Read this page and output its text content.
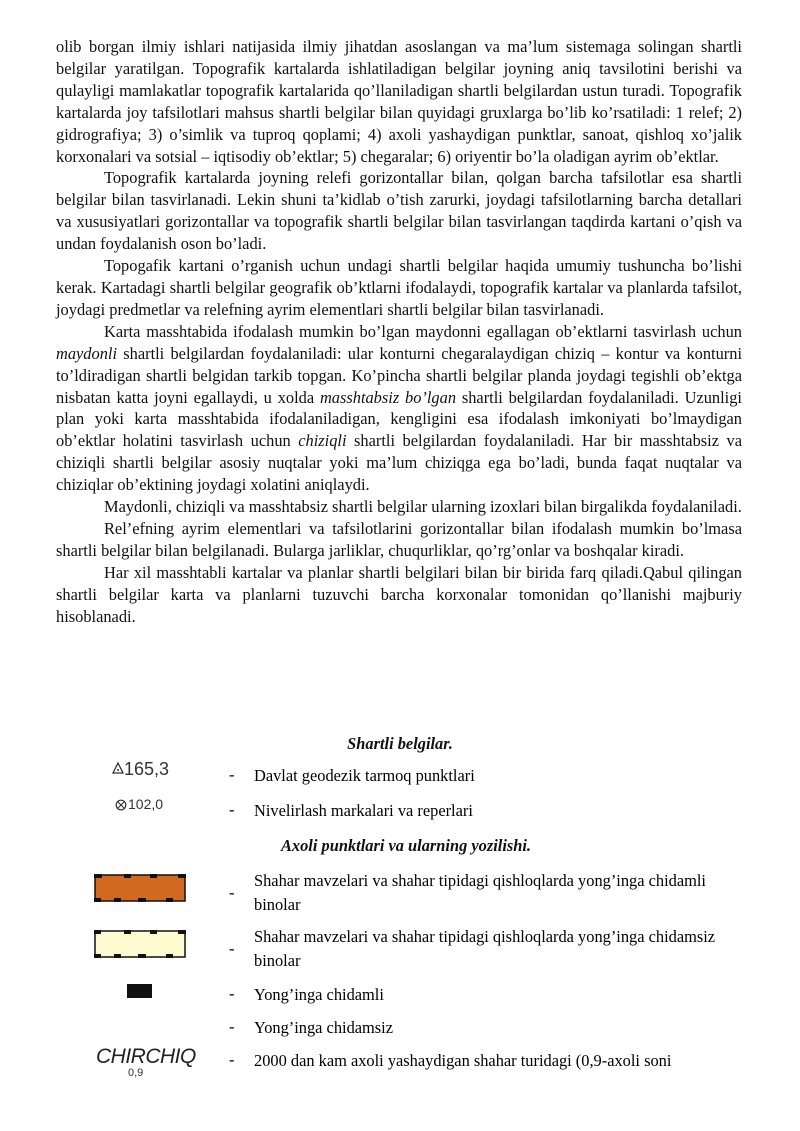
olib borgan ilmiy ishlari natijasida ilmiy jihatdan asoslangan va ma’lum sistemaga solingan shartli belgilar yaratilgan. Topografik kartalarda ishlatiladigan belgilar joyning aniq tavsilotini berishi va qulayligi mamlakatlar topografik kartalarida qo’llaniladigan shartli belgilardan ustun turadi. Topografik kartalarda joy tafsilotlari mahsus shartli belgilar bilan quyidagi gruxlarga bo’lib ko’rsatiladi: 1 relef; 2) gidrografiya; 3) o’simlik va tuproq qoplami; 4) axoli yashaydigan punktlar, sanoat, qishloq xo’jalik korxonalari va sotsial – iqtisodiy ob’ektlar; 5) chegaralar; 6) oriyentir bo’la oladigan ayrim ob’ektlar.

Topografik kartalarda joyning relefi gorizontallar bilan, qolgan barcha tafsilotlar esa shartli belgilar bilan tasvirlanadi. Lekin shuni ta’kidlab o’tish zarurki, joydagi tafsilotlarning barcha detallari va xususiyatlari gorizontallar va topografik shartli belgilar bilan tasvirlangan taqdirda kartani o’qish va undan foydalanish oson bo’ladi.

Topogafik kartani o’rganish uchun undagi shartli belgilar haqida umumiy tushuncha bo’lishi kerak. Kartadagi shartli belgilar geografik ob’ktlarni ifodalaydi, topografik kartalar va planlarda tafsilot, joydagi predmetlar va relefning ayrim elementlari shartli belgilar bilan tasvirlanadi.

Karta masshtabida ifodalash mumkin bo’lgan maydonni egallagan ob’ektlarni tasvirlash uchun maydonli shartli belgilardan foydalaniladi: ular konturni chegaralaydigan chiziq – kontur va konturni to’ldiradigan shartli belgidan tarkib topgan. Ko’pincha shartli belgilar planda joydagi tegishli ob’ektga nisbatan katta joyni egallaydi, u xolda masshtabsiz bo’lgan shartli belgilardan foydalaniladi. Uzunligi plan yoki karta masshtabida ifodalaniladigan, kengligini esa ifodalash imkoniyati bo’lmaydigan ob’ektlar holatini tasvirlash uchun chiziqli shartli belgilardan foydalaniladi. Har bir masshtabsiz va chiziqli shartli belgilar asosiy nuqtalar yoki ma’lum chiziqga ega bo’ladi, bunda faqat nuqtalar va chiziqlar ob’ektining joydagi xolatini aniqlaydi.

Maydonli, chiziqli va masshtabsiz shartli belgilar ularning izoxlari bilan birgalikda foydalaniladi.

Rel’efning ayrim elementlari va tafsilotlarini gorizontallar bilan ifodalash mumkin bo’lmasa shartli belgilar bilan belgilanadi. Bularga jarliklar, chuqurliklar, qo’rg’onlar va boshqalar kiradi.

Har xil masshtabli kartalar va planlar shartli belgilari bilan bir birida farq qiladi.Qabul qilingan shartli belgilar karta va planlarni tuzuvchi barcha korxonalar tomonidan qo’llanishi majburiy hisoblanadi.

Shartli belgilar.
165,3	- Davlat geodezik tarmoq punktlari
102,0	- Nivelirlash markalari va reperlari
Axoli punktlari va ularning yozilishi.
-
Shahar mavzelari va shahar tipidagi qishloqlarda yong’inga chidamli binolar
-
Shahar mavzelari va shahar tipidagi qishloqlarda yong’inga chidamsiz binolar
- Yong’inga chidamli
- Yong’inga chidamsiz
CHIRCHIQ
0,9
- 2000 dan kam axoli yashaydigan shahar turidagi (0,9-axoli soni
